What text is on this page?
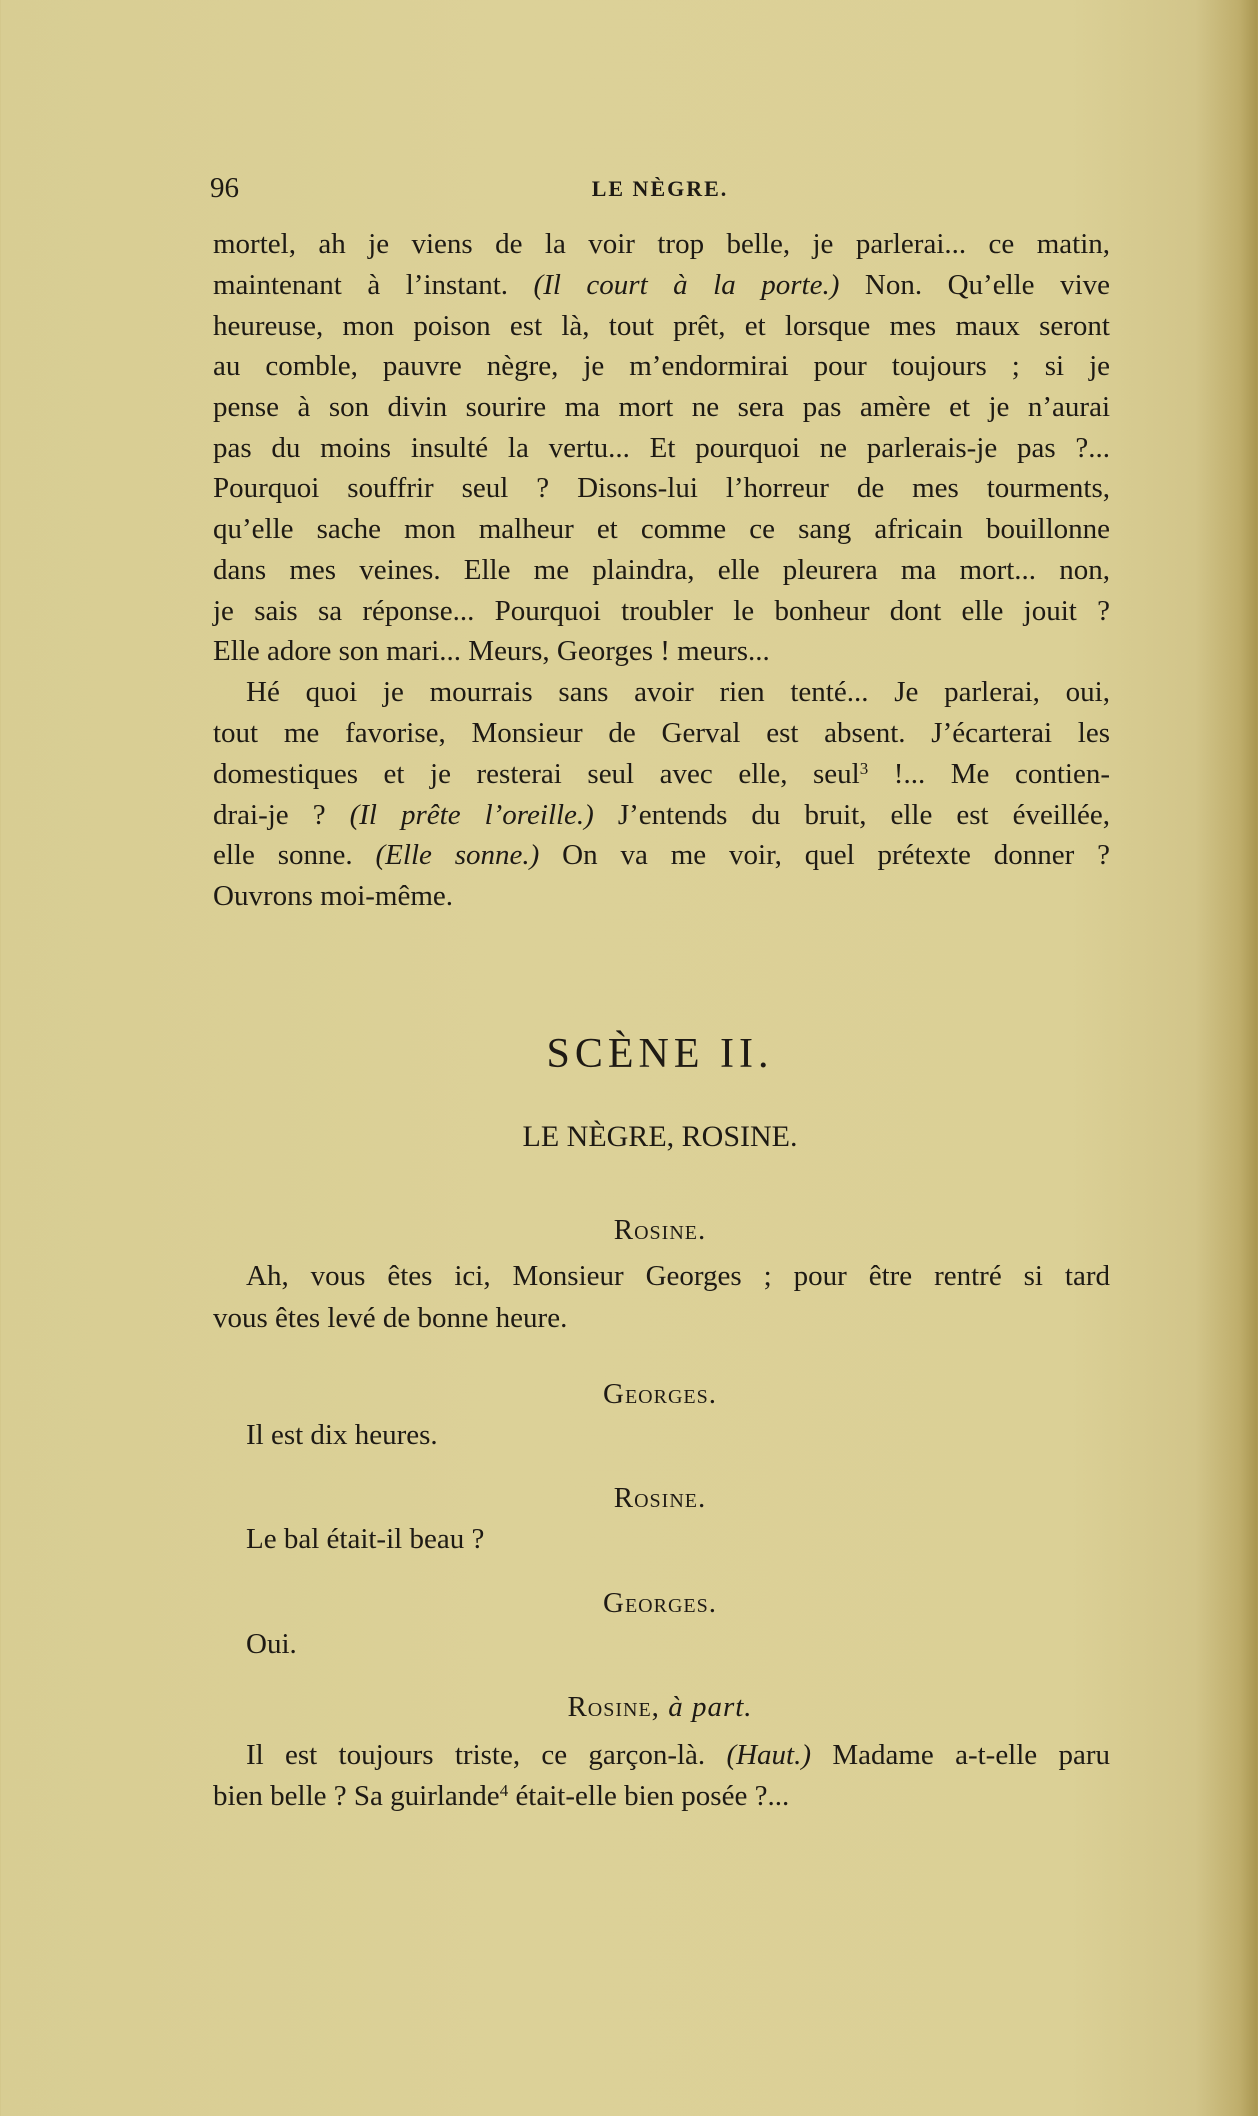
96	LE NÈGRE.
mortel, ah je viens de la voir trop belle, je parlerai... ce matin,
maintenant à l’instant. (Il court à la porte.) Non. Qu’elle vive
heureuse, mon poison est là, tout prêt, et lorsque mes maux seront
au comble, pauvre nègre, je m’endormirai pour toujours ; si je
pense à son divin sourire ma mort ne sera pas amère et je n’aurai
pas du moins insulté la vertu... Et pourquoi ne parlerais-je pas ?...
Pourquoi souffrir seul ? Disons-lui l’horreur de mes tourments,
qu’elle sache mon malheur et comme ce sang africain bouillonne
dans mes veines. Elle me plaindra, elle pleurera ma mort... non,
je sais sa réponse... Pourquoi troubler le bonheur dont elle jouit ?
Elle adore son mari... Meurs, Georges ! meurs...
Hé quoi je mourrais sans avoir rien tenté... Je parlerai, oui,
tout me favorise, Monsieur de Gerval est absent. J’écarterai les
domestiques et je resterai seul avec elle, seul$^3$ !... Me contien-
drai-je ? (Il prête l’oreille.) J’entends du bruit, elle est éveillée,
elle sonne. (Elle sonne.) On va me voir, quel prétexte donner ?
Ouvrons moi-même.
SCÈNE II.
LE NÈGRE, ROSINE.
Rosine.
Ah, vous êtes ici, Monsieur Georges ; pour être rentré si tard
vous êtes levé de bonne heure.
Georges.
Il est dix heures.
Rosine.
Le bal était-il beau ?
Georges.
Oui.
Rosine, à part.
Il est toujours triste, ce garçon-là. (Haut.) Madame a-t-elle paru
bien belle ? Sa guirlande$^4$ était-elle bien posée ?...
